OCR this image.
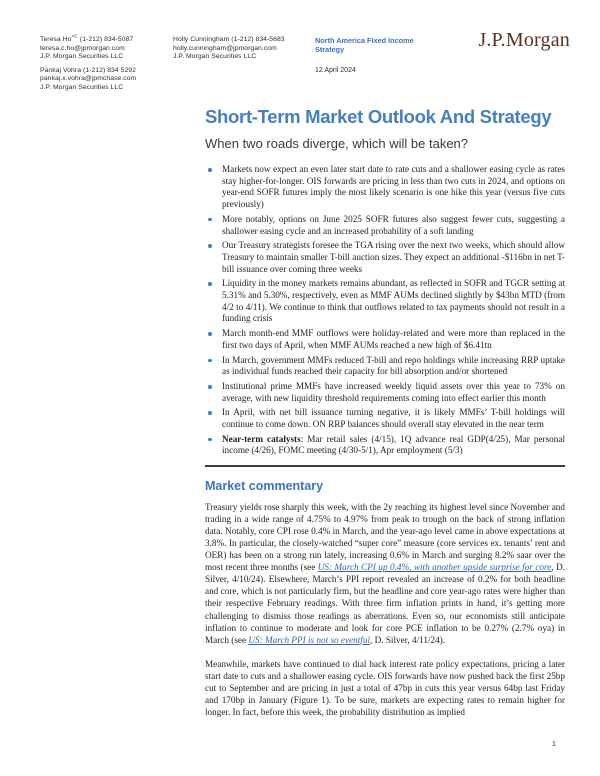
Teresa $Ho^{AC}$ (1-212) 834-5087
teresa.c.ho@jpmorgan.com
J.P. Morgan Securities LLC
Pankaj Vohra (1-212) 834 5292
pankaj.x.vohra@jpmchase.com
J.P. Morgan Securities LLC
Holly Cunningham (1-212) 834-5683
holly.cunningham@jpmorgan.com
J.P. Morgan Securities LLC
North America Fixed Income Strategy
12 April 2024
J.P.Morgan
Short-Term Market Outlook And Strategy
When two roads diverge, which will be taken?
Markets now expect an even later start date to rate cuts and a shallower easing cycle as rates stay higher-for-longer. OIS forwards are pricing in less than two cuts in 2024, and options on year-end SOFR futures imply the most likely scenario is one hike this year (versus five cuts previously)
More notably, options on June 2025 SOFR futures also suggest fewer cuts, suggesting a shallower easing cycle and an increased probability of a soft landing
Our Treasury strategists foresee the TGA rising over the next two weeks, which should allow Treasury to maintain smaller T-bill auction sizes. They expect an additional -$116bn in net T-bill issuance over coming three weeks
Liquidity in the money markets remains abundant, as reflected in SOFR and TGCR setting at 5.31% and 5.30%, respectively, even as MMF AUMs declined slightly by $43bn MTD (from 4/2 to 4/11). We continue to think that outflows related to tax payments should not result in a funding crisis
March month-end MMF outflows were holiday-related and were more than replaced in the first two days of April, when MMF AUMs reached a new high of $6.41tn
In March, government MMFs reduced T-bill and repo holdings while increasing RRP uptake as individual funds reached their capacity for bill absorption and/or shortened
Institutional prime MMFs have increased weekly liquid assets over this year to 73% on average, with new liquidity threshold requirements coming into effect earlier this month
In April, with net bill issuance turning negative, it is likely MMFs’ T-bill holdings will continue to come down. ON RRP balances should overall stay elevated in the near term
Near-term catalysts: Mar retail sales (4/15), 1Q advance real GDP(4/25), Mar personal income (4/26), FOMC meeting (4/30-5/1), Apr employment (5/3)
Market commentary

Treasury yields rose sharply this week, with the 2y reaching its highest level since November and trading in a wide range of 4.75% to 4.97% from peak to trough on the back of strong inflation data. Notably, core CPI rose 0.4% in March, and the year-ago level came in above expectations at 3.8%. In particular, the closely-watched “super core” measure (core services ex. tenants’ rent and OER) has been on a strong run lately, increasing 0.6% in March and surging 8.2% saar over the most recent three months (see US: March CPI up 0.4%, with another upside surprise for core, D. Silver, 4/10/24). Elsewhere, March’s PPI report revealed an increase of 0.2% for both headline and core, which is not particularly firm, but the headline and core year-ago rates were higher than their respective February readings. With three firm inflation prints in hand, it’s getting more challenging to dismiss those readings as aberrations. Even so, our economists still anticipate inflation to continue to moderate and look for core PCE inflation to be 0.27% (2.7% oya) in March (see US: March PPI is not so eventful, D. Silver, 4/11/24).

Meanwhile, markets have continued to dial back interest rate policy expectations, pricing a later start date to cuts and a shallower easing cycle. OIS forwards have now pushed back the first 25bp cut to September and are pricing in just a total of 47bp in cuts this year versus 64bp last Friday and 170bp in January (Figure 1). To be sure, markets are expecting rates to remain higher for longer. In fact, before this week, the probability distribution as implied

1
